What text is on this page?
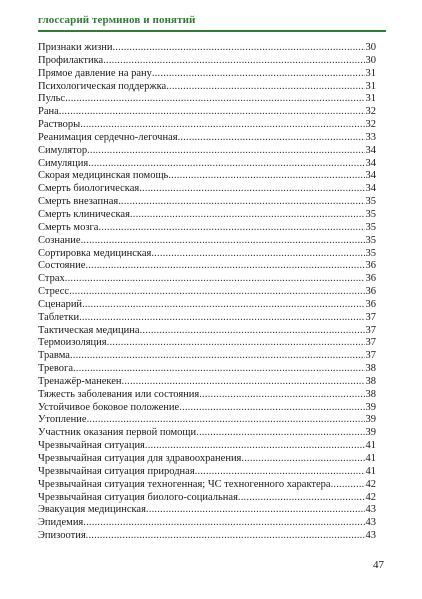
глоссарий терминов и понятий
Признаки жизни .....	30
Профилактика .....	30
Прямое давление на рану .....	31
Психологическая поддержка .....	31
Пульс .....	31
Рана .....	32
Растворы .....	32
Реанимация сердечно-легочная .....	33
Симулятор .....	34
Симуляция .....	34
Скорая медицинская помощь .....	34
Смерть биологическая .....	34
Смерть внезапная .....	35
Смерть клиническая .....	35
Смерть мозга .....	35
Сознание .....	35
Сортировка медицинская .....	35
Состояние .....	36
Страх .....	36
Стресс .....	36
Сценарий .....	36
Таблетки .....	37
Тактическая медицина .....	37
Термоизоляция .....	37
Травма .....	37
Тревога .....	38
Тренажёр-манекен .....	38
Тяжесть заболевания или состояния .....	38
Устойчивое боковое положение .....	39
Утопление .....	39
Участник оказания первой помощи .....	39
Чрезвычайная ситуация .....	41
Чрезвычайная ситуация для здравоохранения .....	41
Чрезвычайная ситуация природная .....	41
Чрезвычайная ситуация техногенная; ЧС техногенного характера .....	42
Чрезвычайная ситуация биолого-социальная .....	42
Эвакуация медицинская .....	43
Эпидемия .....	43
Эпизоотия .....	43
47
